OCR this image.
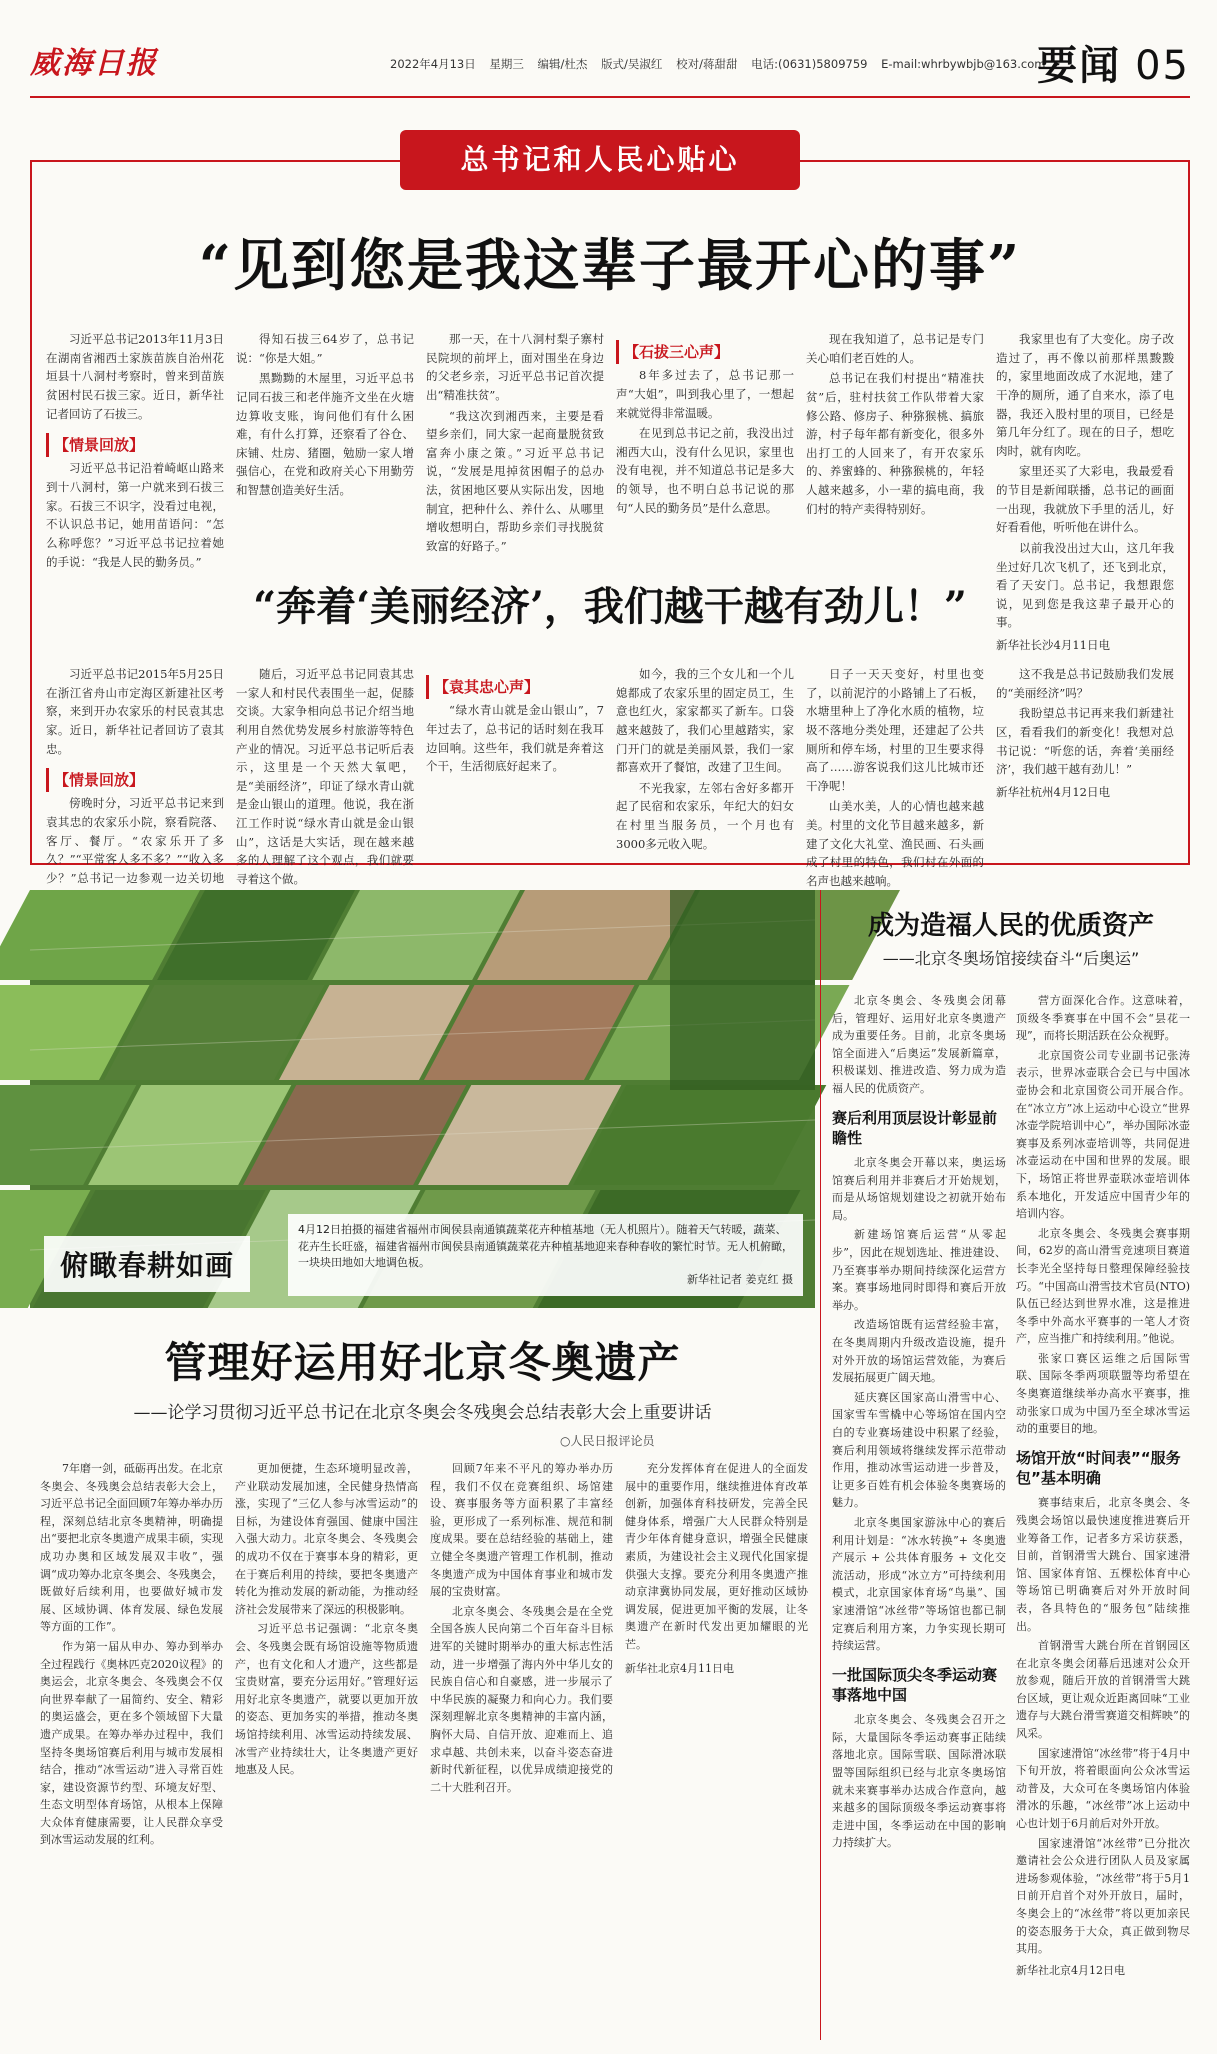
威海日报	2022年4月13日 星期三 编辑/杜杰 版式/吴淑红 校对/蒋甜甜 电话:(0631)5809759 E-mail:whrbywbjb@163.com
要闻 05
总书记和人民心贴心
“见到您是我这辈子最开心的事”

习近平总书记2013年11月3日在湖南省湘西土家族苗族自治州花垣县十八洞村考察时，曾来到苗族贫困村民石拔三家。近日，新华社记者回访了石拔三。

【情景回放】

习近平总书记沿着崎岖山路来到十八洞村，第一户就来到石拔三家。石拔三不识字，没看过电视，不认识总书记，她用苗语问：“怎么称呼您？”习近平总书记拉着她的手说：“我是人民的勤务员。”

得知石拔三64岁了，总书记说：“你是大姐。”

黑黝黝的木屋里，习近平总书记同石拔三和老伴施齐文坐在火塘边算收支账，询问他们有什么困难，有什么打算，还察看了谷仓、床铺、灶房、猪圈，勉励一家人增强信心，在党和政府关心下用勤劳和智慧创造美好生活。

那一天，在十八洞村梨子寨村民院坝的前坪上，面对围坐在身边的父老乡亲，习近平总书记首次提出“精准扶贫”。

“我这次到湘西来，主要是看望乡亲们，同大家一起商量脱贫致富奔小康之策。”习近平总书记说，“发展是甩掉贫困帽子的总办法，贫困地区要从实际出发，因地制宜，把种什么、养什么、从哪里增收想明白，帮助乡亲们寻找脱贫致富的好路子。”

【石拔三心声】

8年多过去了，总书记那一声“大姐”，叫到我心里了，一想起来就觉得非常温暖。

在见到总书记之前，我没出过湘西大山，没有什么见识，家里也没有电视，并不知道总书记是多大的领导，也不明白总书记说的那句“人民的勤务员”是什么意思。

现在我知道了，总书记是专门关心咱们老百姓的人。

总书记在我们村提出“精准扶贫”后，驻村扶贫工作队带着大家修公路、修房子、种猕猴桃、搞旅游，村子每年都有新变化，很多外出打工的人回来了，有开农家乐的、养蜜蜂的、种猕猴桃的，年轻人越来越多，小一辈的搞电商，我们村的特产卖得特别好。

我家里也有了大变化。房子改造过了，再不像以前那样黑黢黢的，家里地面改成了水泥地，建了干净的厕所，通了自来水，添了电器，我还入股村里的项目，已经是第几年分红了。现在的日子，想吃肉时，就有肉吃。

家里还买了大彩电，我最爱看的节目是新闻联播，总书记的画面一出现，我就放下手里的活儿，好好看看他，听听他在讲什么。

以前我没出过大山，这几年我坐过好几次飞机了，还飞到北京，看了天安门。总书记，我想跟您说，见到您是我这辈子最开心的事。

新华社长沙4月11日电

“奔着‘美丽经济’，我们越干越有劲儿！”

习近平总书记2015年5月25日在浙江省舟山市定海区新建社区考察，来到开办农家乐的村民袁其忠家。近日，新华社记者回访了袁其忠。

【情景回放】

傍晚时分，习近平总书记来到袁其忠的农家乐小院，察看院落、客厅、餐厅。“农家乐开了多久？”“平常客人多不多？”“收入多少？”总书记一边参观一边关切地

随后，习近平总书记同袁其忠一家人和村民代表围坐一起，促膝交谈。大家争相向总书记介绍当地利用自然优势发展乡村旅游等特色产业的情况。习近平总书记听后表示，这里是一个天然大氧吧，是“美丽经济”，印证了绿水青山就是金山银山的道理。他说，我在浙江工作时说“绿水青山就是金山银山”，这话是大实话，现在越来越多的人理解了这个观点，我们就要寻着这个做。

【袁其忠心声】

“绿水青山就是金山银山”，7年过去了，总书记的话时刻在我耳边回响。这些年，我们就是奔着这个干，生活彻底好起来了。

如今，我的三个女儿和一个儿媳都成了农家乐里的固定员工，生意也红火，家家都买了新车。口袋越来越鼓了，我们心里越踏实，家门开门的就是美丽风景，我们一家都喜欢开了餐馆，改建了卫生间。

不光我家，左邻右舍好多都开起了民宿和农家乐，年纪大的妇女在村里当服务员，一个月也有3000多元收入呢。

日子一天天变好，村里也变了，以前泥泞的小路铺上了石板，水塘里种上了净化水质的植物，垃圾不落地分类处理，还建起了公共厕所和停车场，村里的卫生要求得高了……游客说我们这儿比城市还干净呢！

山美水美，人的心情也越来越美。村里的文化节目越来越多，新建了文化大礼堂、渔民画、石头画成了村里的特色，我们村在外面的名声也越来越响。

这不我是总书记鼓励我们发展的“美丽经济”吗？

我盼望总书记再来我们新建社区，看看我们的新变化！我想对总书记说：“听您的话，奔着‘美丽经济’，我们越干越有劲儿！”

新华社杭州4月12日电

俯瞰春耕如画
4月12日拍摄的福建省福州市闽侯县南通镇蔬菜花卉种植基地（无人机照片）。随着天气转暖，蔬菜、花卉生长旺盛，福建省福州市闽侯县南通镇蔬菜花卉种植基地迎来春种春收的繁忙时节。无人机俯瞰，一块块田地如大地调色板。
新华社记者 姜克红 摄
管理好运用好北京冬奥遗产
——论学习贯彻习近平总书记在北京冬奥会冬残奥会总结表彰大会上重要讲话
○人民日报评论员

7年磨一剑，砥砺再出发。在北京冬奥会、冬残奥会总结表彰大会上，习近平总书记全面回顾7年筹办举办历程，深刻总结北京冬奥精神，明确提出“要把北京冬奥遗产成果丰硕，实现成功办奥和区域发展双丰收”，强调“成功筹办北京冬奥会、冬残奥会，既做好后续利用，也要做好城市发展、区域协调、体育发展、绿色发展等方面的工作”。

作为第一届从申办、筹办到举办全过程践行《奥林匹克2020议程》的奥运会，北京冬奥会、冬残奥会不仅向世界奉献了一届简约、安全、精彩的奥运盛会，更在多个领域留下大量遗产成果。在筹办举办过程中，我们坚持冬奥场馆赛后利用与城市发展相结合，推动“冰雪运动”进入寻常百姓家，建设资源节约型、环境友好型、生态文明型体育场馆，从根本上保障大众体育健康需要，让人民群众享受到冰雪运动发展的红利。

更加便捷，生态环境明显改善，产业联动发展加速，全民健身热情高涨，实现了“三亿人参与冰雪运动”的目标，为建设体育强国、健康中国注入强大动力。北京冬奥会、冬残奥会的成功不仅在于赛事本身的精彩，更在于赛后利用的持续，要把冬奥遗产转化为推动发展的新动能，为推动经济社会发展带来了深远的积极影响。

习近平总书记强调：“北京冬奥会、冬残奥会既有场馆设施等物质遗产，也有文化和人才遗产，这些都是宝贵财富，要充分运用好。”管理好运用好北京冬奥遗产，就要以更加开放的姿态、更加务实的举措，推动冬奥场馆持续利用、冰雪运动持续发展、冰雪产业持续壮大，让冬奥遗产更好地惠及人民。

回顾7年来不平凡的筹办举办历程，我们不仅在竞赛组织、场馆建设、赛事服务等方面积累了丰富经验，更形成了一系列标准、规范和制度成果。要在总结经验的基础上，建立健全冬奥遗产管理工作机制，推动冬奥遗产成为中国体育事业和城市发展的宝贵财富。

北京冬奥会、冬残奥会是在全党全国各族人民向第二个百年奋斗目标进军的关键时期举办的重大标志性活动，进一步增强了海内外中华儿女的民族自信心和自豪感，进一步展示了中华民族的凝聚力和向心力。我们要深刻理解北京冬奥精神的丰富内涵，胸怀大局、自信开放、迎难而上、追求卓越、共创未来，以奋斗姿态奋进新时代新征程，以优异成绩迎接党的二十大胜利召开。

充分发挥体育在促进人的全面发展中的重要作用，继续推进体育改革创新，加强体育科技研发，完善全民健身体系，增强广大人民群众特别是青少年体育健身意识，增强全民健康素质，为建设社会主义现代化国家提供强大支撑。要充分利用冬奥遗产推动京津冀协同发展，更好推动区域协调发展，促进更加平衡的发展，让冬奥遗产在新时代发出更加耀眼的光芒。

新华社北京4月11日电

成为造福人民的优质资产
——北京冬奥场馆接续奋斗“后奥运”

北京冬奥会、冬残奥会闭幕后，管理好、运用好北京冬奥遗产成为重要任务。目前，北京冬奥场馆全面进入“后奥运”发展新篇章，积极谋划、推进改造、努力成为造福人民的优质资产。

赛后利用顶层设计彰显前瞻性

北京冬奥会开幕以来，奥运场馆赛后利用并非赛后才开始规划，而是从场馆规划建设之初就开始布局。

新建场馆赛后运营“从零起步”，因此在规划选址、推进建设、乃至赛事举办期间持续深化运营方案。赛事场地同时即得和赛后开放举办。

改造场馆既有运营经验丰富，在冬奥周期内升级改造设施，提升对外开放的场馆运营效能，为赛后发展拓展更广阔天地。

延庆赛区国家高山滑雪中心、国家雪车雪橇中心等场馆在国内空白的专业赛场建设中积累了经验，赛后利用领域将继续发挥示范带动作用，推动冰雪运动进一步普及，让更多百姓有机会体验冬奥赛场的魅力。

北京冬奥国家游泳中心的赛后利用计划是：“冰水转换”+ 冬奥遗产展示 + 公共体育服务 + 文化交流活动，形成“冰立方”可持续利用模式，北京国家体育场“鸟巢”、国家速滑馆“冰丝带”等场馆也都已制定赛后利用方案，力争实现长期可持续运营。

一批国际顶尖冬季运动赛事落地中国

北京冬奥会、冬残奥会召开之际，大量国际冬季运动赛事正陆续落地北京。国际雪联、国际滑冰联盟等国际组织已经与北京冬奥场馆就未来赛事举办达成合作意向，越来越多的国际顶级冬季运动赛事将走进中国，冬季运动在中国的影响力持续扩大。

营方面深化合作。这意味着，顶级冬季赛事在中国不会“昙花一现”，而将长期活跃在公众视野。

北京国资公司专业副书记张涛表示，世界冰壶联合会已与中国冰壶协会和北京国资公司开展合作。在“冰立方”冰上运动中心设立“世界冰壶学院培训中心”，举办国际冰壶赛事及系列冰壶培训等，共同促进冰壶运动在中国和世界的发展。眼下，场馆正将世界壶联冰壶培训体系本地化，开发适应中国青少年的培训内容。

北京冬奥会、冬残奥会赛事期间，62岁的高山滑雪竞速项目赛道长李光全坚持每日整理保障经验技巧。“中国高山滑雪技术官员(NTO)队伍已经达到世界水准，这是推进冬季中外高水平赛事的一笔人才资产，应当推广和持续利用。”他说。

张家口赛区运维之后国际雪联、国际冬季两项联盟等均希望在冬奥赛道继续举办高水平赛事，推动张家口成为中国乃至全球冰雪运动的重要目的地。

场馆开放“时间表”“服务包”基本明确

赛事结束后，北京冬奥会、冬残奥会场馆以最快速度推进赛后开业筹备工作，记者多方采访获悉，目前，首钢滑雪大跳台、国家速滑馆、国家体育馆、五棵松体育中心等场馆已明确赛后对外开放时间表，各具特色的“服务包”陆续推出。

首钢滑雪大跳台所在首钢园区在北京冬奥会闭幕后迅速对公众开放参观，随后开放的首钢滑雪大跳台区域，更让观众近距离回味“工业遗存与大跳台滑雪赛道交相辉映”的风采。

国家速滑馆“冰丝带”将于4月中下旬开放，将着眼面向公众冰雪运动普及，大众可在冬奥场馆内体验滑冰的乐趣，“冰丝带”冰上运动中心也计划于6月前后对外开放。

国家速滑馆“冰丝带”已分批次邀请社会公众进行团队人员及家属进场参观体验，“冰丝带”将于5月1日前开启首个对外开放日，届时，冬奥会上的“冰丝带”将以更加亲民的姿态服务于大众，真正做到物尽其用。

新华社北京4月12日电
